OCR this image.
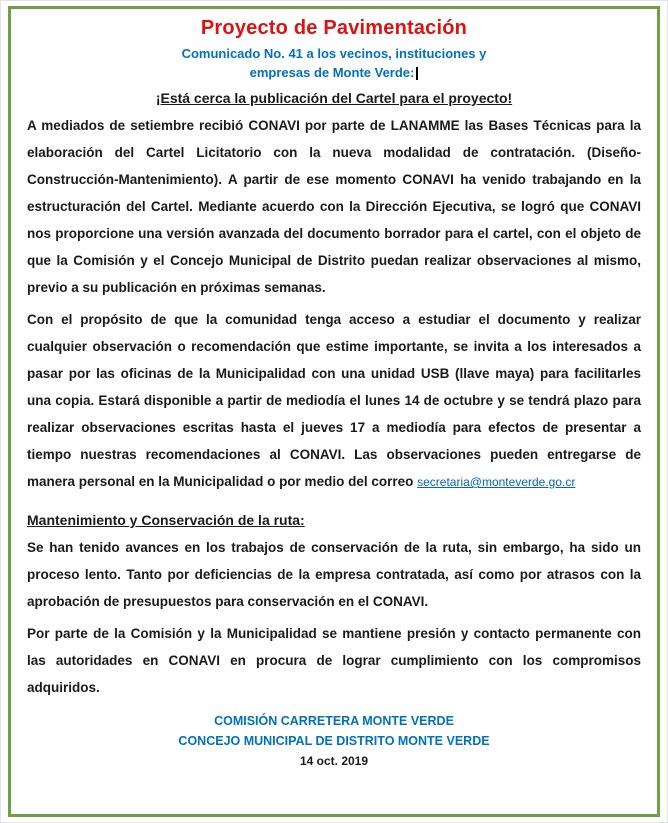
Proyecto de Pavimentación
Comunicado No. 41 a los vecinos, instituciones y
empresas de Monte Verde:
¡Está cerca la publicación del Cartel para el proyecto!

A mediados de setiembre recibió CONAVI por parte de LANAMME las Bases Técnicas para la elaboración del Cartel Licitatorio con la nueva modalidad de contratación. (Diseño-Construcción-Mantenimiento). A partir de ese momento CONAVI ha venido trabajando en la estructuración del Cartel. Mediante acuerdo con la Dirección Ejecutiva, se logró que CONAVI nos proporcione una versión avanzada del documento borrador para el cartel, con el objeto de que la Comisión y el Concejo Municipal de Distrito puedan realizar observaciones al mismo, previo a su publicación en próximas semanas.

Con el propósito de que la comunidad tenga acceso a estudiar el documento y realizar cualquier observación o recomendación que estime importante, se invita a los interesados a pasar por las oficinas de la Municipalidad con una unidad USB (llave maya) para facilitarles una copia. Estará disponible a partir de mediodía el lunes 14 de octubre y se tendrá plazo para realizar observaciones escritas hasta el jueves 17 a mediodía para efectos de presentar a tiempo nuestras recomendaciones al CONAVI. Las observaciones pueden entregarse de manera personal en la Municipalidad o por medio del correo secretaria@monteverde.go.cr

Mantenimiento y Conservación de la ruta:

Se han tenido avances en los trabajos de conservación de la ruta, sin embargo, ha sido un proceso lento. Tanto por deficiencias de la empresa contratada, así como por atrasos con la aprobación de presupuestos para conservación en el CONAVI.

Por parte de la Comisión y la Municipalidad se mantiene presión y contacto permanente con las autoridades en CONAVI en procura de lograr cumplimiento con los compromisos adquiridos.

COMISIÓN CARRETERA MONTE VERDE
CONCEJO MUNICIPAL DE DISTRITO MONTE VERDE
14 oct. 2019
